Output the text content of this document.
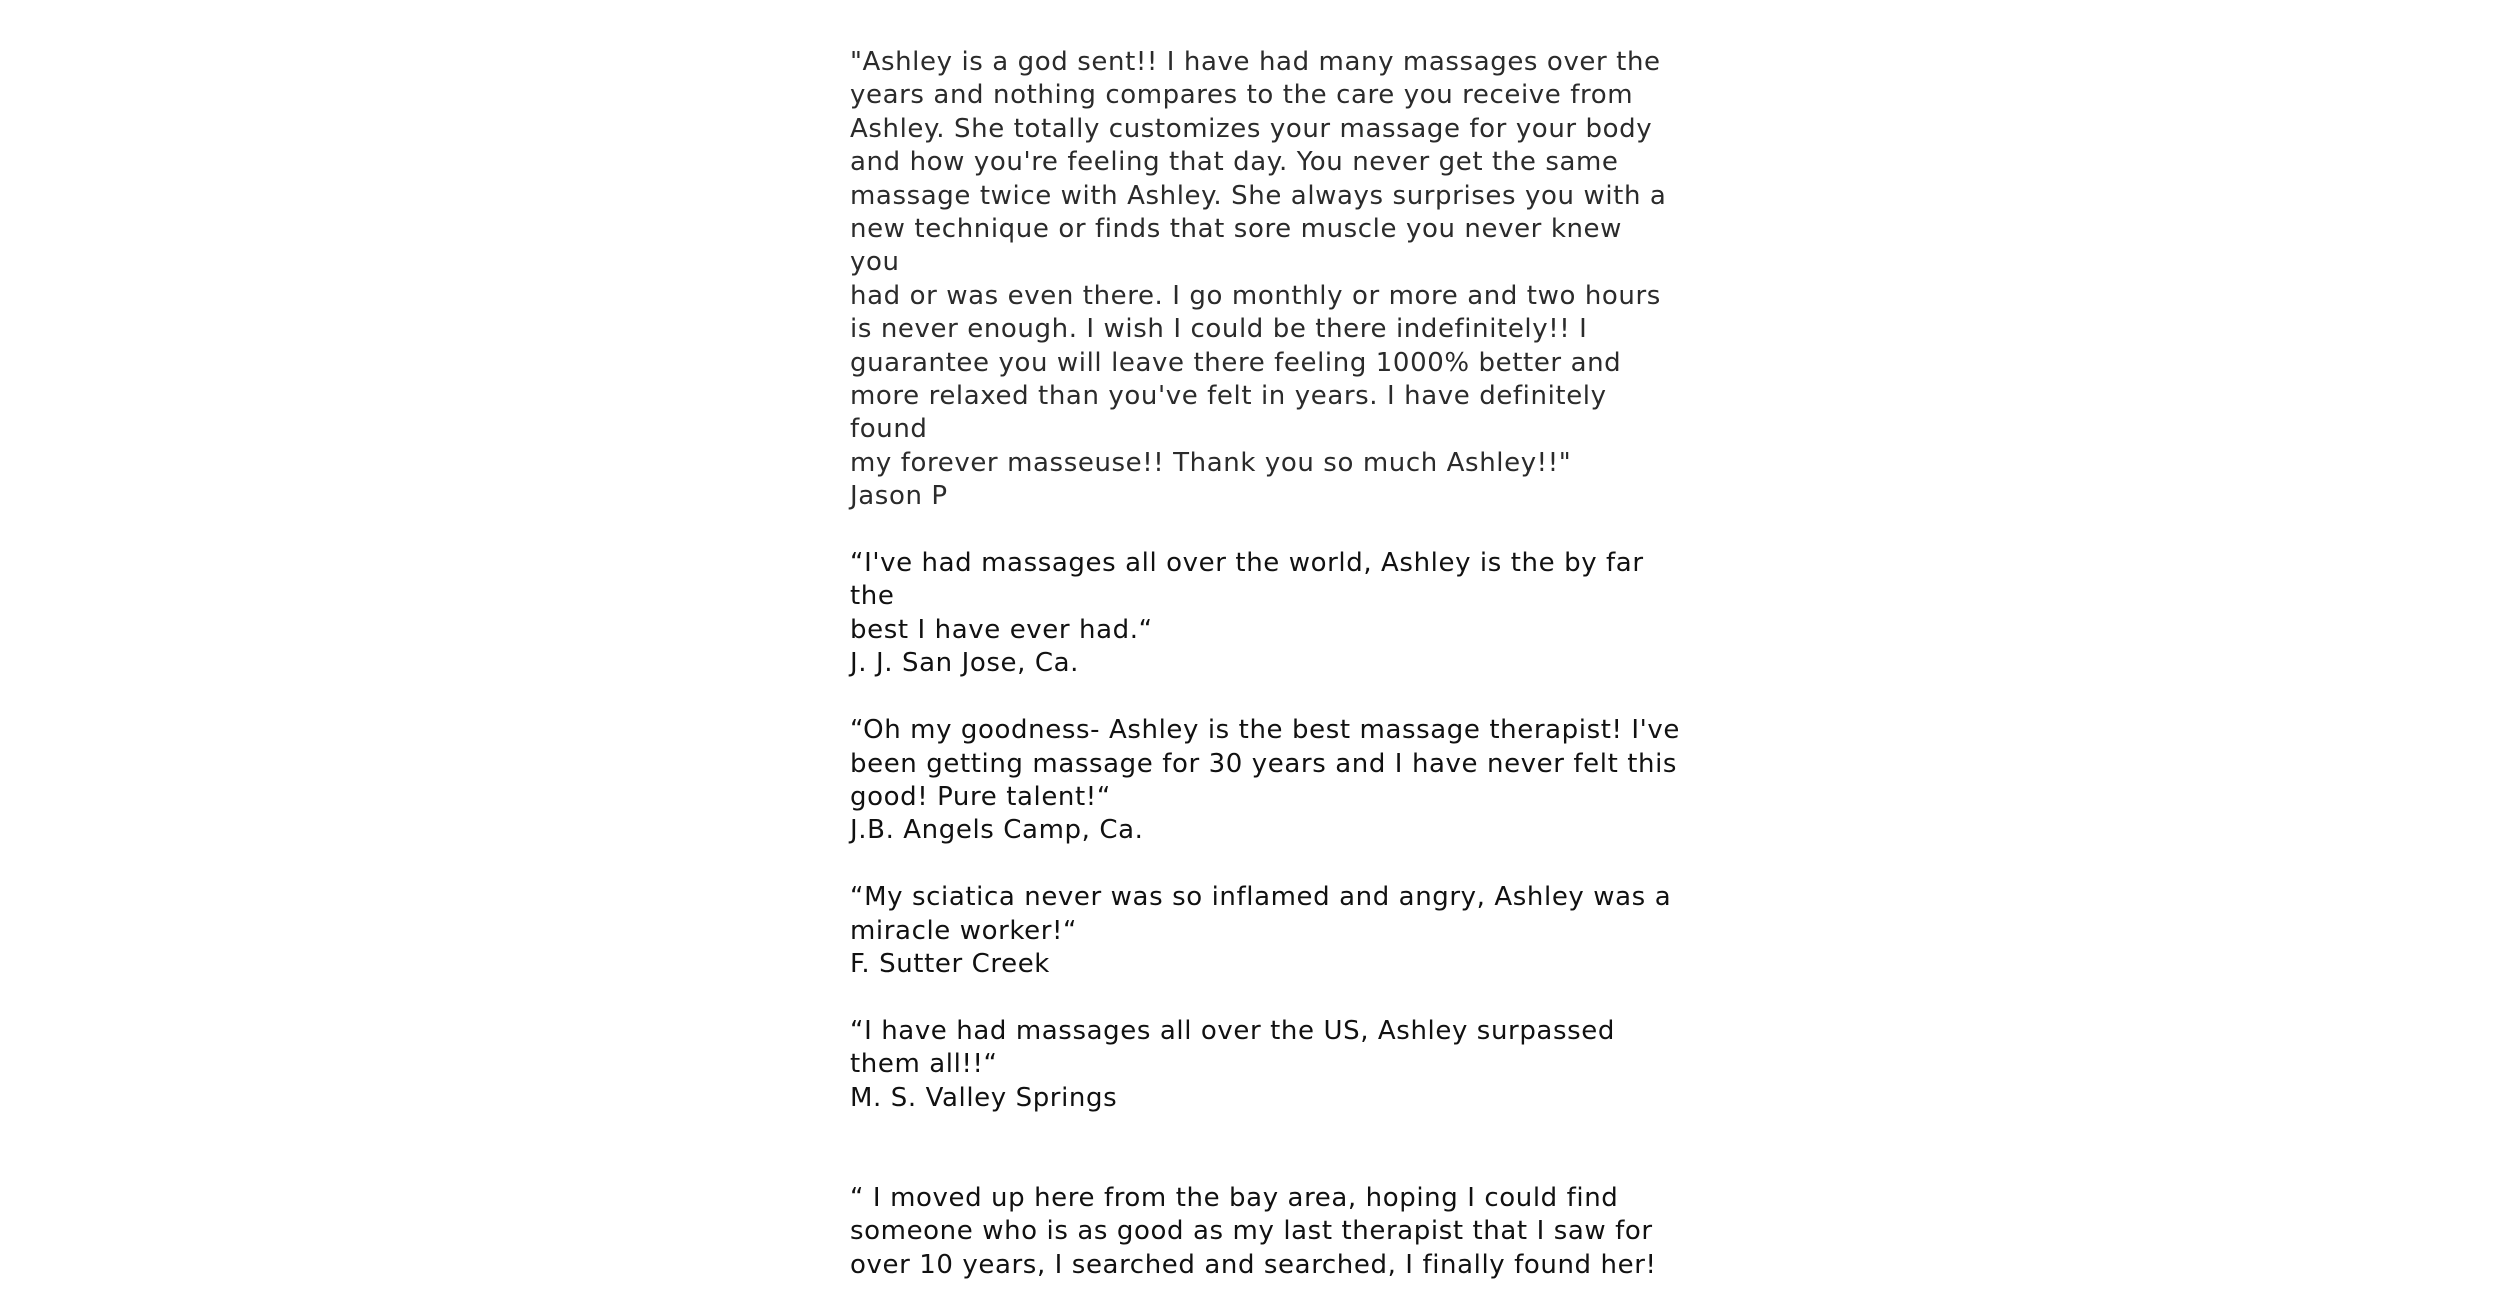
"Ashley is a god sent!! I have had many massages over the
years and nothing compares to the care you receive from
Ashley. She totally customizes your massage for your body
and how you're feeling that day. You never get the same
massage twice with Ashley. She always surprises you with a
new technique or finds that sore muscle you never knew you
had or was even there. I go monthly or more and two hours
is never enough. I wish I could be there indefinitely!! I
guarantee you will leave there feeling 1000% better and
more relaxed than you've felt in years. I have definitely found
my forever masseuse!! Thank you so much Ashley!!"
Jason P
“I've had massages all over the world, Ashley is the by far the
best I have ever had.“
J. J. San Jose, Ca.
“Oh my goodness- Ashley is the best massage therapist! I've
been getting massage for 30 years and I have never felt this
good! Pure talent!“
J.B. Angels Camp, Ca.
“My sciatica never was so inflamed and angry, Ashley was a
miracle worker!“
F. Sutter Creek
“I have had massages all over the US, Ashley surpassed
them all!!“
M. S. Valley Springs
“ I moved up here from the bay area, hoping I could find
someone who is as good as my last therapist that I saw for
over 10 years, I searched and searched, I finally found her!
